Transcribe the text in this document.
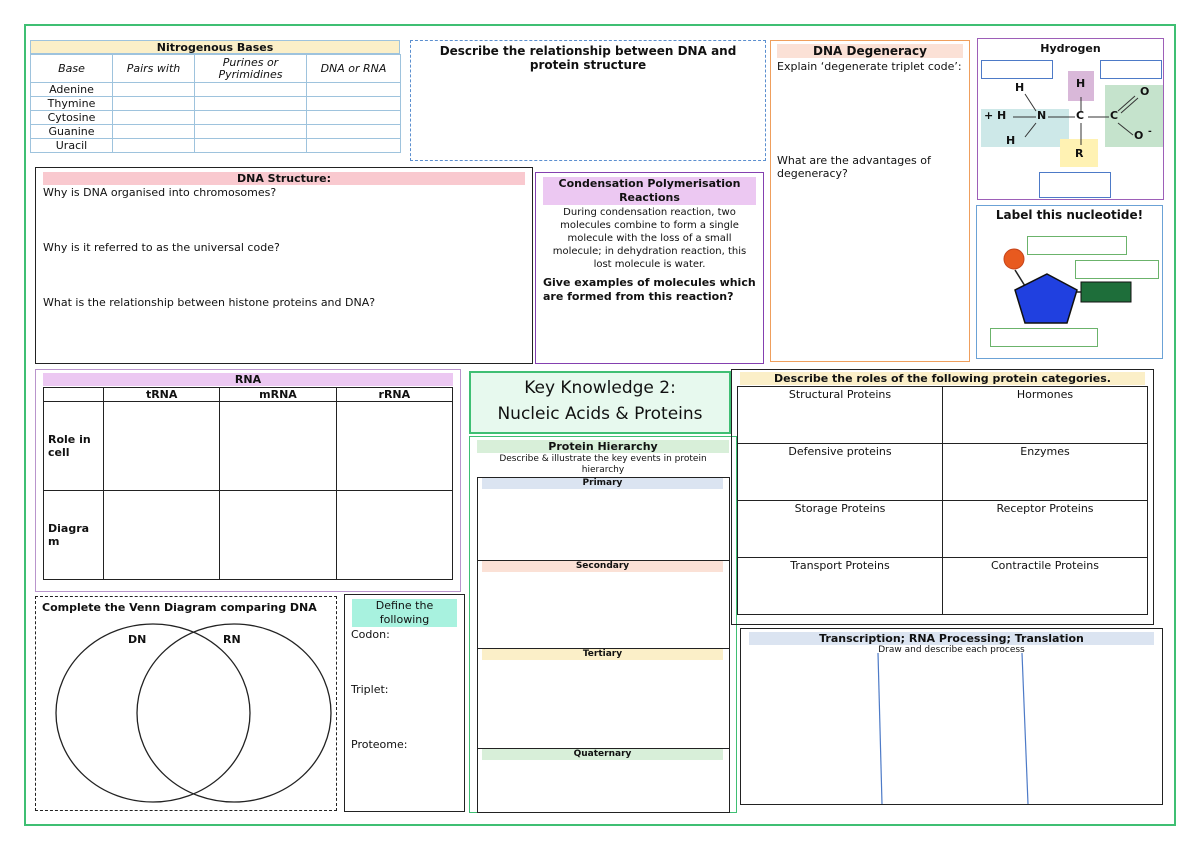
Nitrogenous Bases
Base	Pairs with	Purines or Pyrimidines	DNA or RNA
Adenine			
Thymine			
Cytosine			
Guanine			
Uracil			
Describe the relationship between DNA and protein structure
DNA Degeneracy
Explain ‘degenerate triplet code’:
What are the advantages of degeneracy?
Hydrogen
H	H
+ H	N	C C
O
O -
H
R
DNA Structure:
Why is DNA organised into chromosomes?
Why is it referred to as the universal code?
What is the relationship between histone proteins and DNA?
Condensation Polymerisation Reactions
During condensation reaction, two molecules combine to form a single molecule with the loss of a small molecule; in dehydration reaction, this lost molecule is water.
Give examples of molecules which are formed from this reaction?
Label this nucleotide!
RNA
	tRNA	mRNA	rRNA
Role in cell			
Diagra m			
Key Knowledge 2:
Nucleic Acids & Proteins
Protein Hierarchy
Describe & illustrate the key events in protein hierarchy
Primary
Secondary
Tertiary
Quaternary
Describe the roles of the following protein categories.
Structural Proteins	Hormones
Defensive proteins	Enzymes
Storage Proteins	Receptor Proteins
Transport Proteins	Contractile Proteins
Transcription; RNA Processing; Translation
Draw and describe each process
Complete the Venn Diagram comparing DNA
DN	RN
Define the following
Codon:
Triplet:
Proteome:
